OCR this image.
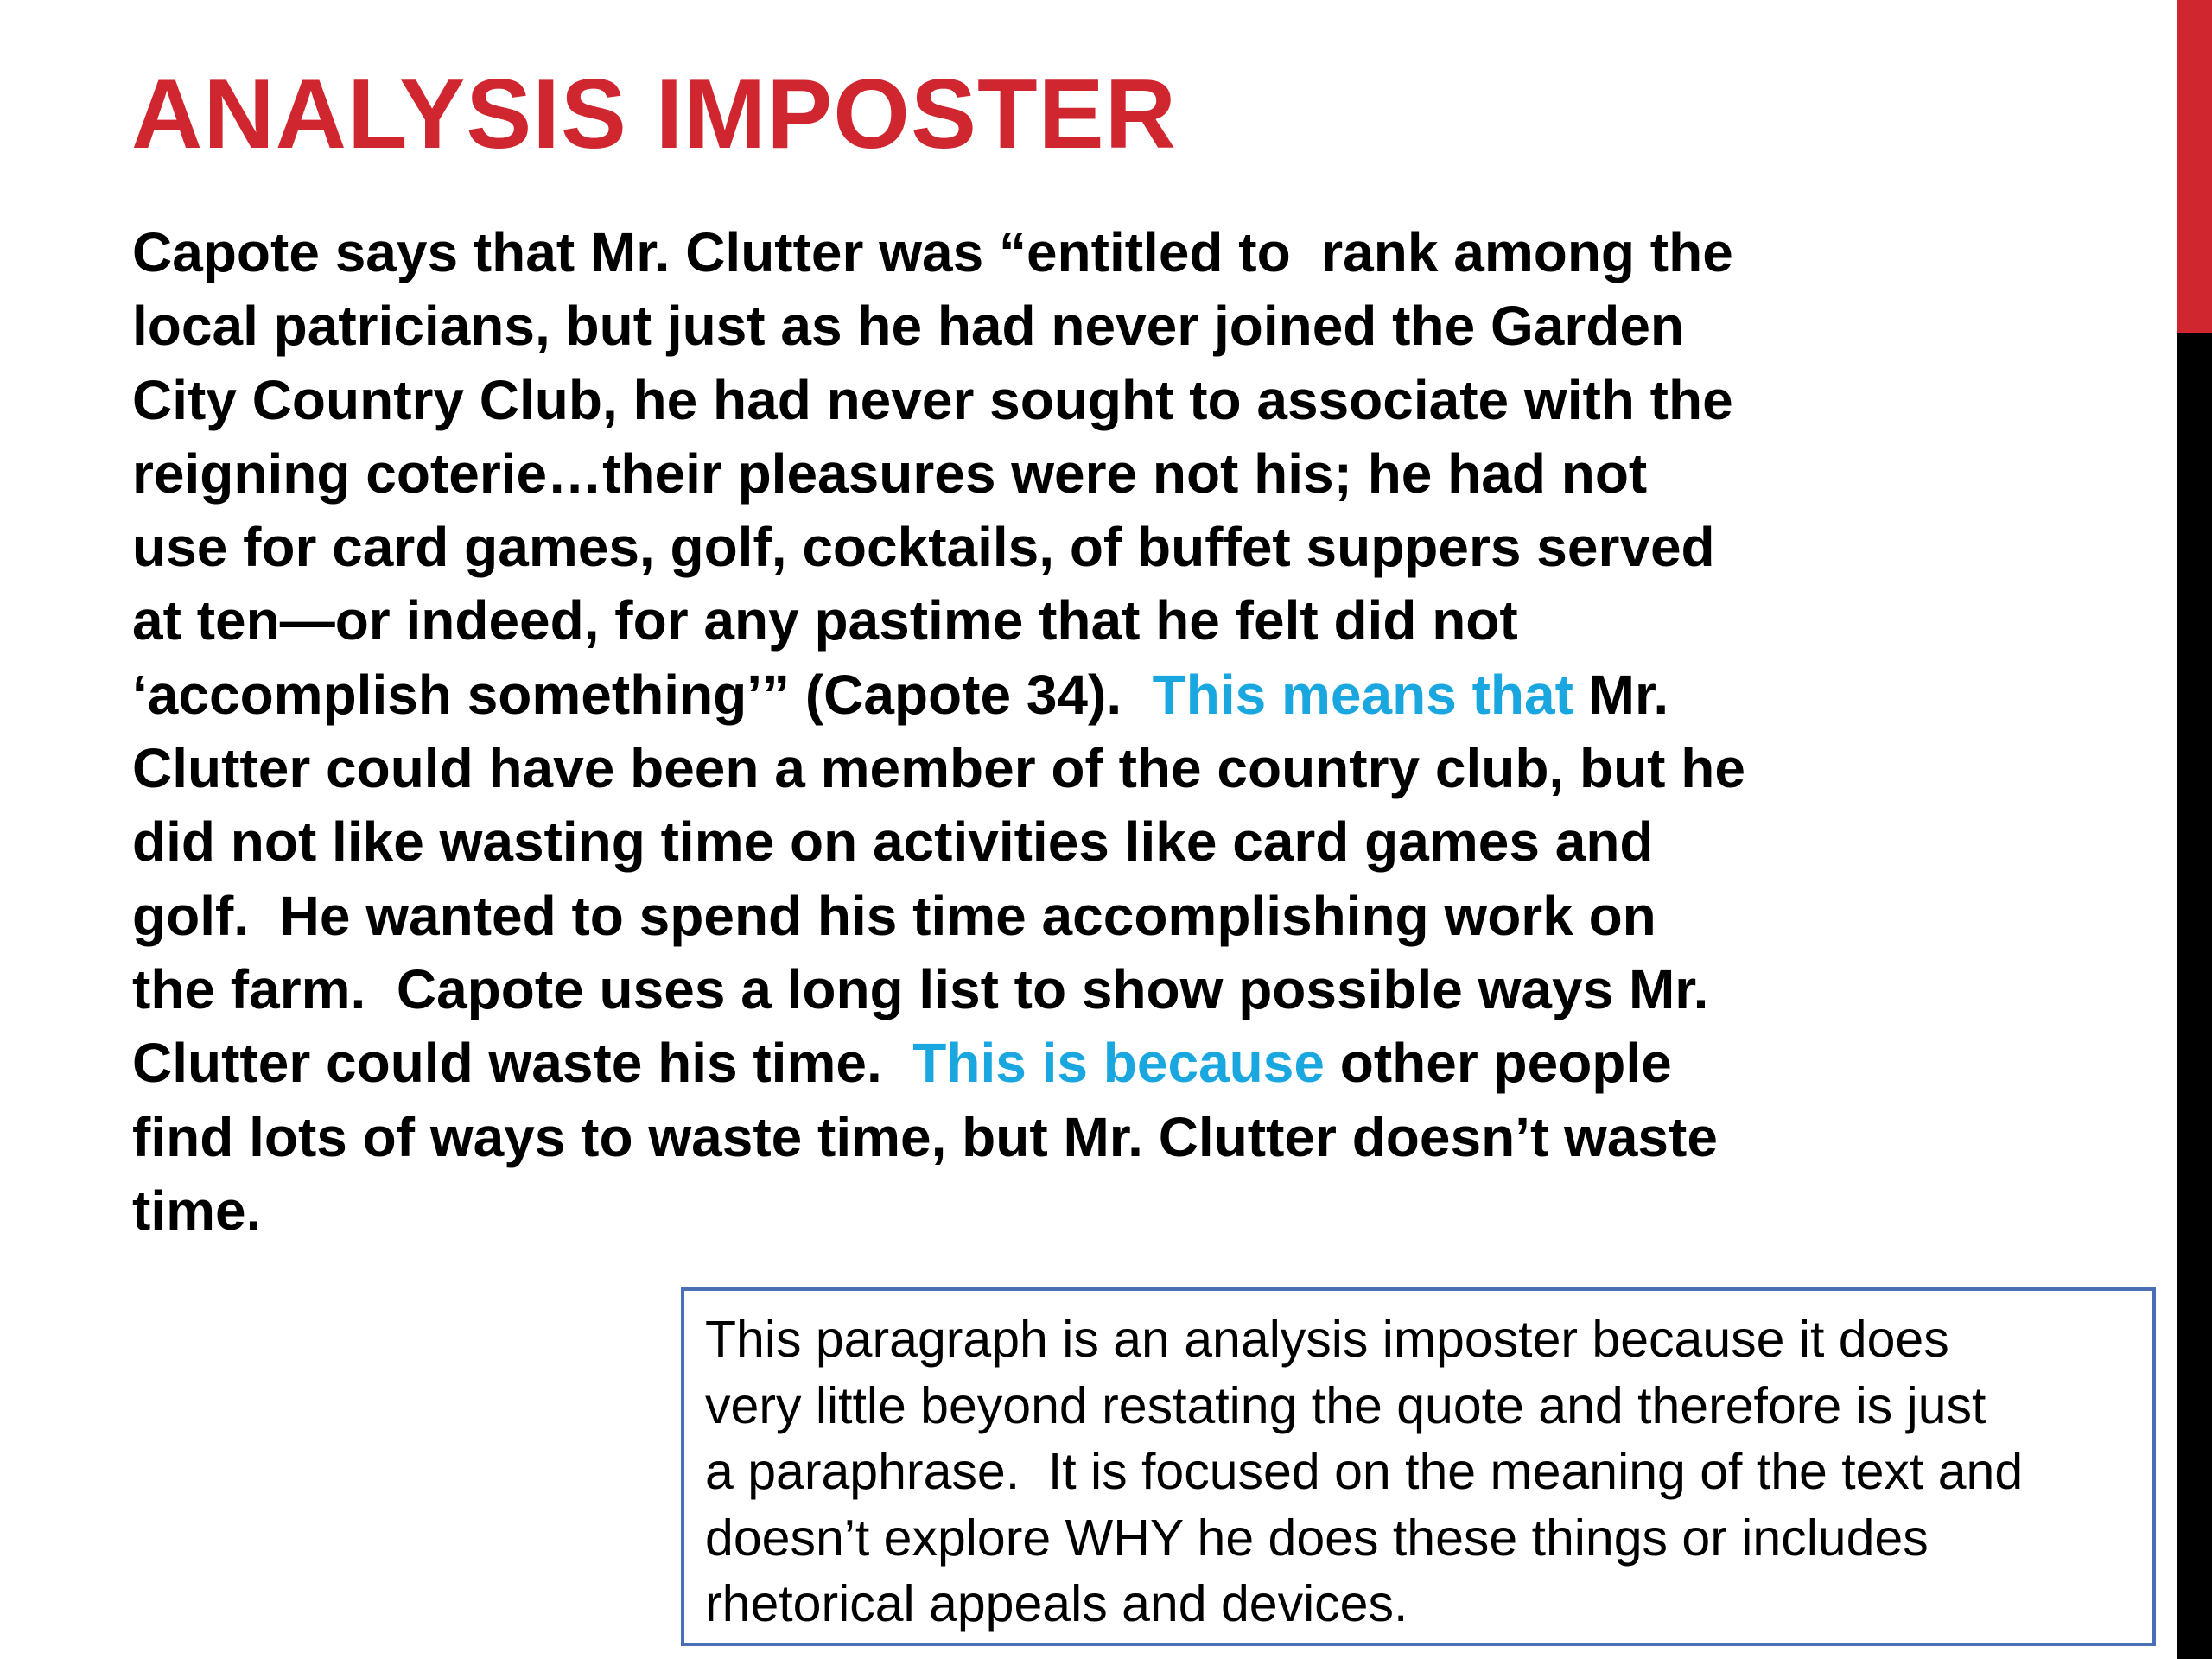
ANALYSIS IMPOSTER
Capote says that Mr. Clutter was “entitled to  rank among the
local patricians, but just as he had never joined the Garden
City Country Club, he had never sought to associate with the
reigning coterie…their pleasures were not his; he had not
use for card games, golf, cocktails, of buffet suppers served
at ten—or indeed, for any pastime that he felt did not
‘accomplish something’” (Capote 34).  This means that Mr.
Clutter could have been a member of the country club, but he
did not like wasting time on activities like card games and
golf.  He wanted to spend his time accomplishing work on
the farm.  Capote uses a long list to show possible ways Mr.
Clutter could waste his time.  This is because other people
find lots of ways to waste time, but Mr. Clutter doesn’t waste
time.
This paragraph is an analysis imposter because it does
very little beyond restating the quote and therefore is just
a paraphrase.  It is focused on the meaning of the text and
doesn’t explore WHY he does these things or includes
rhetorical appeals and devices.
